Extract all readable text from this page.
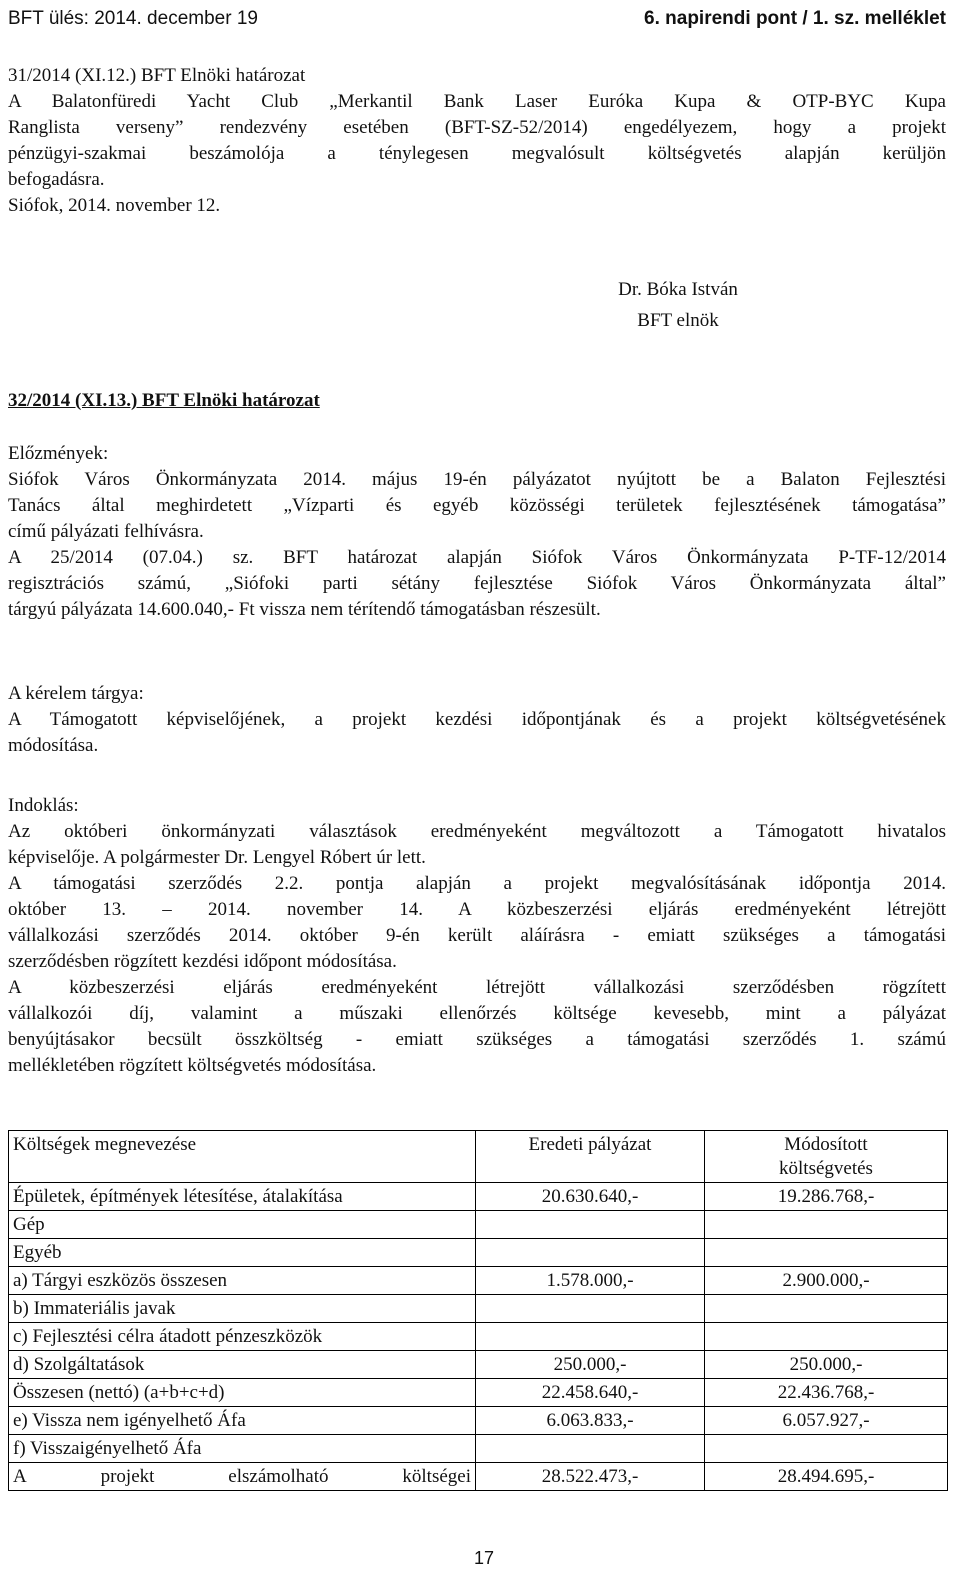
BFT ülés: 2014. december 19	6. napirendi pont / 1. sz. melléklet
31/2014 (XI.12.) BFT Elnöki határozat
A Balatonfüredi Yacht Club „Merkantil Bank Laser Euróka Kupa & OTP-BYC Kupa
Ranglista verseny” rendezvény esetében (BFT-SZ-52/2014) engedélyezem, hogy a projekt
pénzügyi-szakmai beszámolója a ténylegesen megvalósult költségvetés alapján kerüljön
befogadásra.
Siófok, 2014. november 12.
Dr. Bóka István
BFT elnök
32/2014 (XI.13.) BFT Elnöki határozat
Előzmények:
Siófok Város Önkormányzata 2014. május 19-én pályázatot nyújtott be a Balaton Fejlesztési
Tanács által meghirdetett „Vízparti és egyéb közösségi területek fejlesztésének támogatása”
című pályázati felhívásra.
A 25/2014 (07.04.) sz. BFT határozat alapján Siófok Város Önkormányzata P-TF-12/2014
regisztrációs számú, „Siófoki parti sétány fejlesztése Siófok Város Önkormányzata által”
tárgyú pályázata 14.600.040,- Ft vissza nem térítendő támogatásban részesült.
A kérelem tárgya:
A Támogatott képviselőjének, a projekt kezdési időpontjának és a projekt költségvetésének
módosítása.
Indoklás:
Az októberi önkormányzati választások eredményeként megváltozott a Támogatott hivatalos
képviselője. A polgármester Dr. Lengyel Róbert úr lett.
A támogatási szerződés 2.2. pontja alapján a projekt megvalósításának időpontja 2014.
október 13. – 2014. november 14. A közbeszerzési eljárás eredményeként létrejött
vállalkozási szerződés 2014. október 9-én került aláírásra - emiatt szükséges a támogatási
szerződésben rögzített kezdési időpont módosítása.
A közbeszerzési eljárás eredményeként létrejött vállalkozási szerződésben rögzített
vállalkozói díj, valamint a műszaki ellenőrzés költsége kevesebb, mint a pályázat
benyújtásakor becsült összköltség - emiatt szükséges a támogatási szerződés 1. számú
mellékletében rögzített költségvetés módosítása.
Költségek megnevezése	Eredeti pályázat	Módosított költségvetés
Épületek, építmények létesítése, átalakítása	20.630.640,-	19.286.768,-
Gép		
Egyéb		
a) Tárgyi eszközös összesen	1.578.000,-	2.900.000,-
b) Immateriális javak		
c) Fejlesztési célra átadott pénzeszközök		
d) Szolgáltatások	250.000,-	250.000,-
Összesen (nettó) (a+b+c+d)	22.458.640,-	22.436.768,-
e) Vissza nem igényelhető Áfa	6.063.833,-	6.057.927,-
f) Visszaigényelhető Áfa		

A projekt elszámolható költségei	28.522.473,-	28.494.695,-
17
